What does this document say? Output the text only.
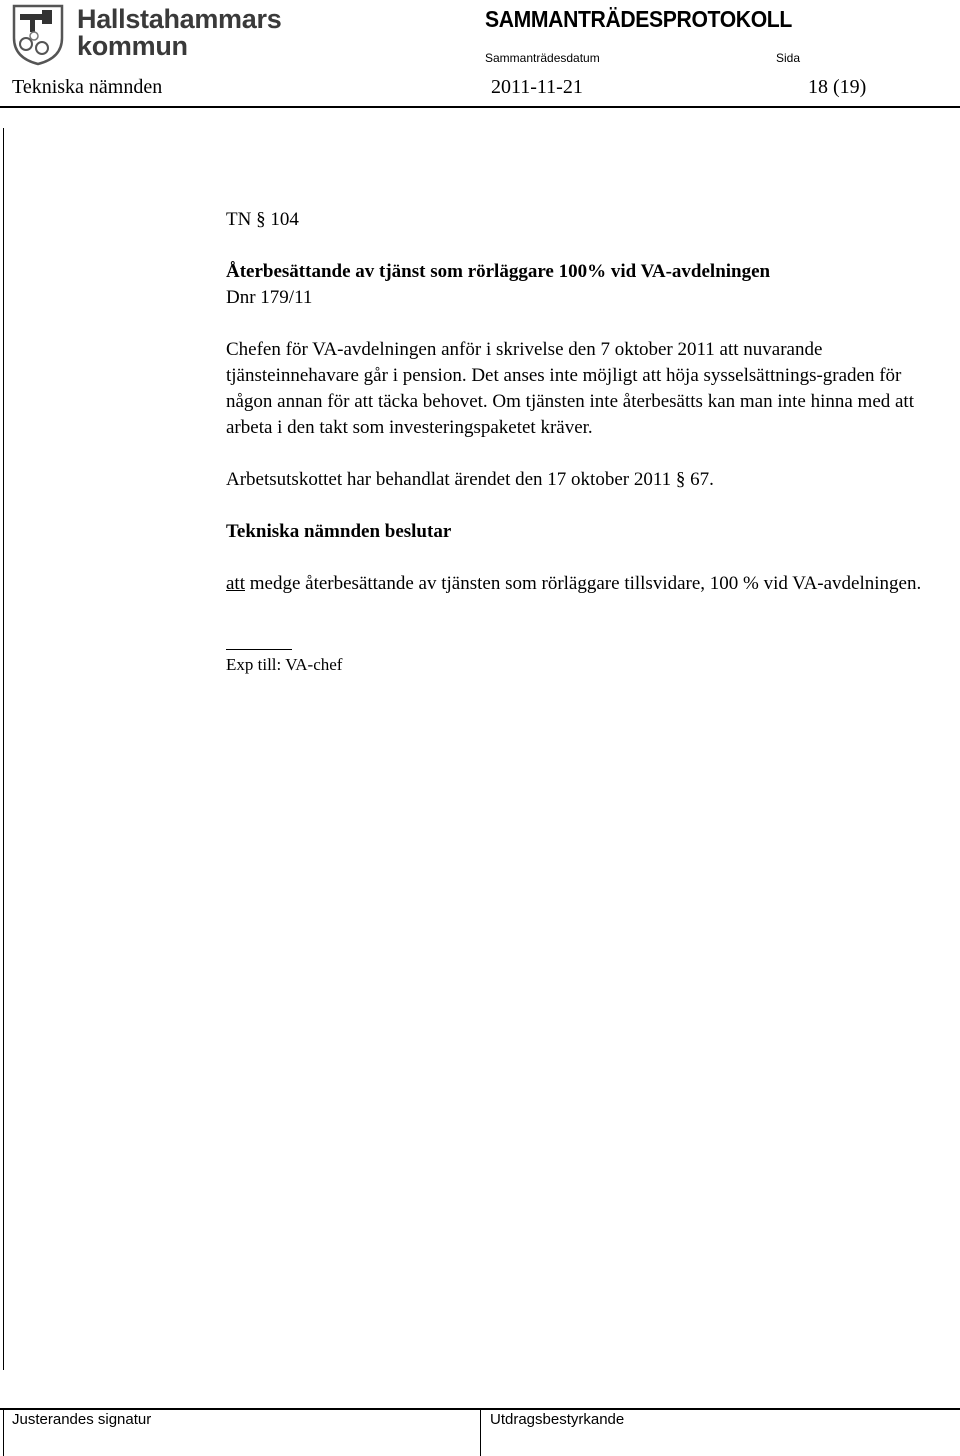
Hallstahammars
kommun
SAMMANTRÄDESPROTOKOLL
Sammanträdesdatum	Sida
Tekniska nämnden	2011-11-21	18 (19)

TN § 104

Återbesättande av tjänst som rörläggare 100% vid VA-avdelningen

Dnr 179/11

Chefen för VA-avdelningen anför i skrivelse den 7 oktober 2011 att nuvarande tjänsteinnehavare går i pension. Det anses inte möjligt att höja sysselsättnings-graden för någon annan för att täcka behovet. Om tjänsten inte återbesätts kan man inte hinna med att arbeta i den takt som investeringspaketet kräver.

Arbetsutskottet har behandlat ärendet den 17 oktober 2011 § 67.

Tekniska nämnden beslutar

att medge återbesättande av tjänsten som rörläggare tillsvidare, 100 % vid VA-avdelningen.

Exp till: VA-chef

Justerandes signatur	Utdragsbestyrkande
